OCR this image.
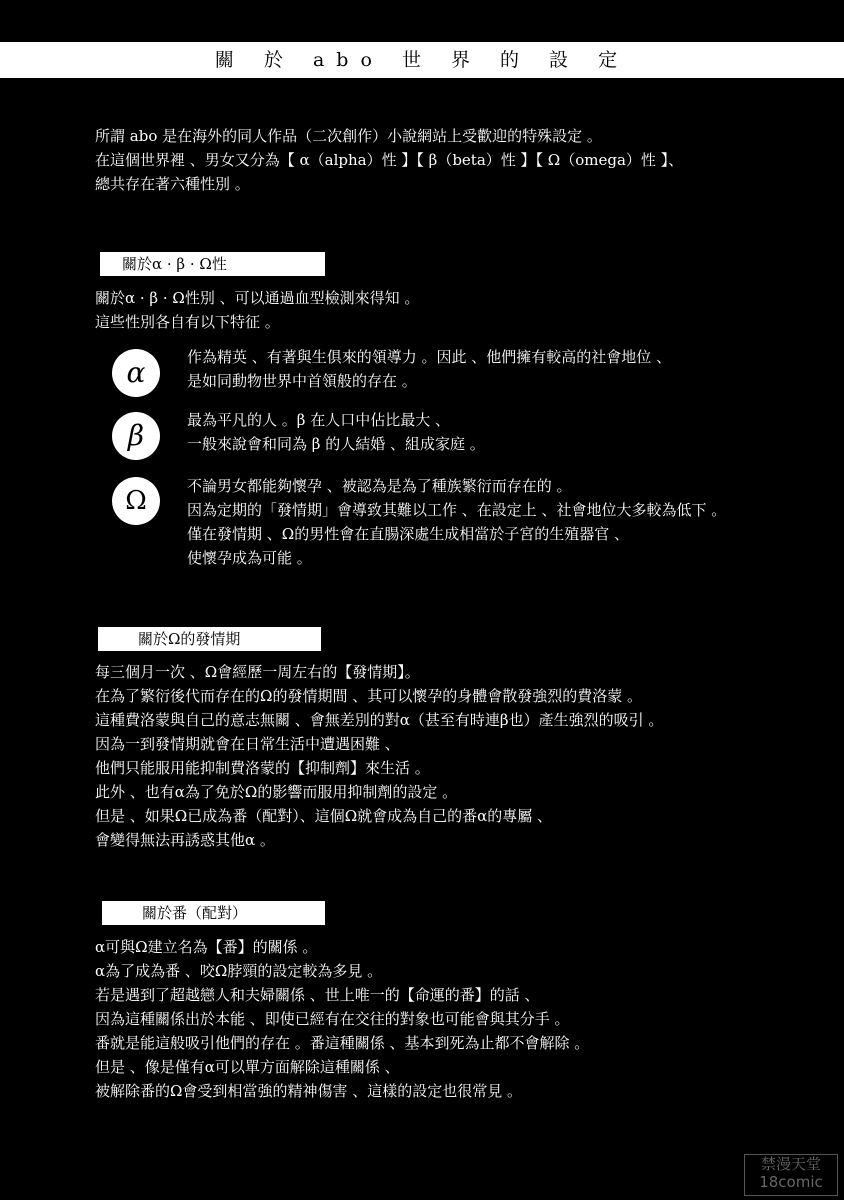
關 於 abo 世 界 的 設 定
所謂 abo 是在海外的同人作品（二次創作）小說網站上受歡迎的特殊設定 。
在這個世界裡 、男女又分為【 α（alpha）性 】【 β（beta）性 】【 Ω（omega）性 】、
總共存在著六種性別 。
關於α · β · Ω性
關於α · β · Ω性別 、可以通過血型檢測來得知 。
這些性別各自有以下特征 。
α	作為精英 、有著與生俱來的領導力 。因此 、他們擁有較高的社會地位 、
是如同動物世界中首領般的存在 。
β	最為平凡的人 。β 在人口中佔比最大 、
一般來說會和同為 β 的人結婚 、組成家庭 。
Ω	不論男女都能夠懷孕 、被認為是為了種族繁衍而存在的 。
因為定期的「發情期」會導致其難以工作 、在設定上 、社會地位大多較為低下 。
僅在發情期 、Ω的男性會在直腸深處生成相當於子宮的生殖器官 、
使懷孕成為可能 。
關於Ω的發情期
每三個月一次 、Ω會經歷一周左右的【發情期】。
在為了繁衍後代而存在的Ω的發情期間 、其可以懷孕的身體會散發強烈的費洛蒙 。
這種費洛蒙與自己的意志無關 、會無差別的對α（甚至有時連β也）產生強烈的吸引 。
因為一到發情期就會在日常生活中遭遇困難 、
他們只能服用能抑制費洛蒙的【抑制劑】來生活 。
此外 、也有α為了免於Ω的影響而服用抑制劑的設定 。
但是 、如果Ω已成為番（配對）、這個Ω就會成為自己的番α的專屬 、
會變得無法再誘惑其他α 。
關於番（配對）
α可與Ω建立名為【番】的關係 。
α為了成為番 、咬Ω脖頸的設定較為多見 。
若是遇到了超越戀人和夫婦關係 、世上唯一的【命運的番】的話 、
因為這種關係出於本能 、即使已經有在交往的對象也可能會與其分手 。
番就是能這般吸引他們的存在 。番這種關係 、基本到死為止都不會解除 。
但是 、像是僅有α可以單方面解除這種關係 、
被解除番的Ω會受到相當強的精神傷害 、這樣的設定也很常見 。
禁漫天堂
18comic
